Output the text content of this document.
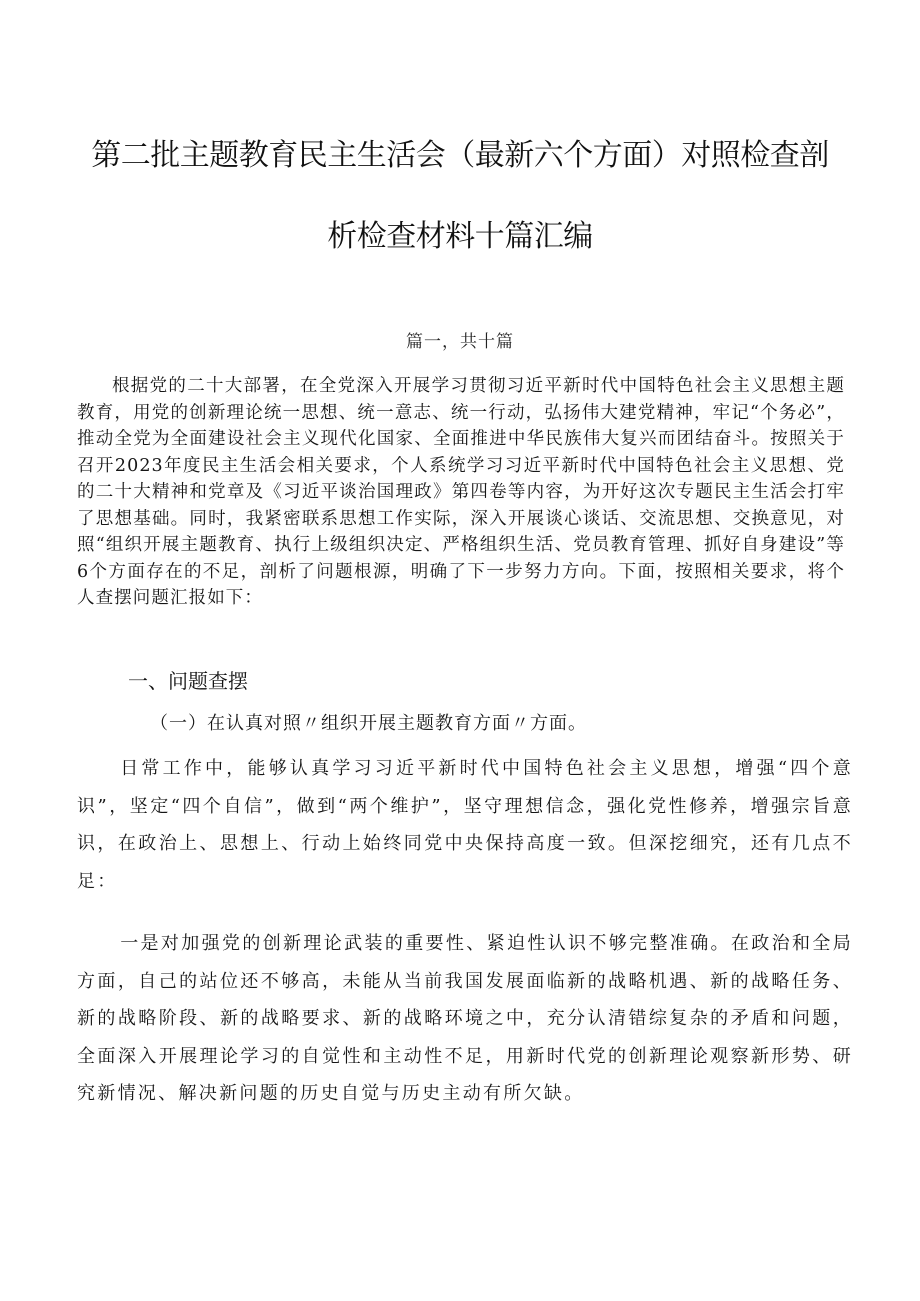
第二批主题教育民主生活会（最新六个方面）对照检查剖
析检查材料十篇汇编
篇一，共十篇
根据党的二十大部署，在全党深入开展学习贯彻习近平新时代中国特色社会主义思想主题教育，用党的创新理论统一思想、统一意志、统一行动，弘扬伟大建党精神，牢记“个务必”，推动全党为全面建设社会主义现代化国家、全面推进中华民族伟大复兴而团结奋斗。按照关于召开2023年度民主生活会相关要求，个人系统学习习近平新时代中国特色社会主义思想、党的二十大精神和党章及《习近平谈治国理政》第四卷等内容，为开好这次专题民主生活会打牢了思想基础。同时，我紧密联系思想工作实际，深入开展谈心谈话、交流思想、交换意见，对照“组织开展主题教育、执行上级组织决定、严格组织生活、党员教育管理、抓好自身建设”等6个方面存在的不足，剖析了问题根源，明确了下一步努力方向。下面，按照相关要求，将个人查摆问题汇报如下：
一、问题查摆
（一）在认真对照〃组织开展主题教育方面〃方面。
日常工作中，能够认真学习习近平新时代中国特色社会主义思想，增强“四个意识”，坚定“四个自信”，做到“两个维护”，坚守理想信念，强化党性修养，增强宗旨意识，在政治上、思想上、行动上始终同党中央保持高度一致。但深挖细究，还有几点不足：
一是对加强党的创新理论武装的重要性、紧迫性认识不够完整准确。在政治和全局方面，自己的站位还不够高，未能从当前我国发展面临新的战略机遇、新的战略任务、新的战略阶段、新的战略要求、新的战略环境之中，充分认清错综复杂的矛盾和问题，全面深入开展理论学习的自觉性和主动性不足，用新时代党的创新理论观察新形势、研究新情况、解决新问题的历史自觉与历史主动有所欠缺。
